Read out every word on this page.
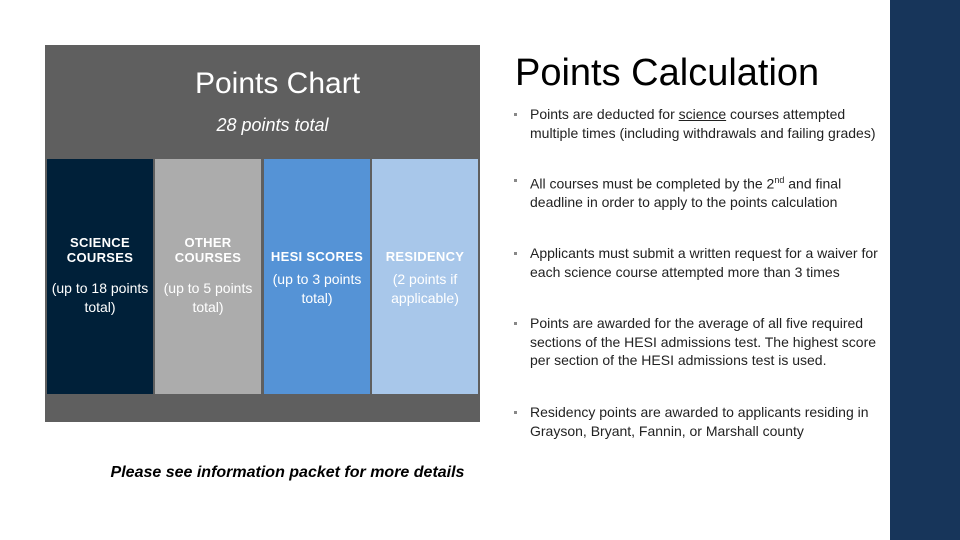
Points Chart
28 points total
SCIENCE COURSES
(up to 18 points total)
OTHER COURSES
(up to 5 points total)
HESI SCORES
(up to 3 points total)
RESIDENCY
(2 points if applicable)
Please see information packet for more details
Points Calculation
Points are deducted for science courses attempted multiple times (including withdrawals and failing grades)
All courses must be completed by the 2nd and final deadline in order to apply to the points calculation
Applicants must submit a written request for a waiver for each science course attempted more than 3 times
Points are awarded for the average of all five required sections of the HESI admissions test. The highest score per section of the HESI admissions test is used.
Residency points are awarded to applicants residing in Grayson, Bryant, Fannin, or Marshall county
